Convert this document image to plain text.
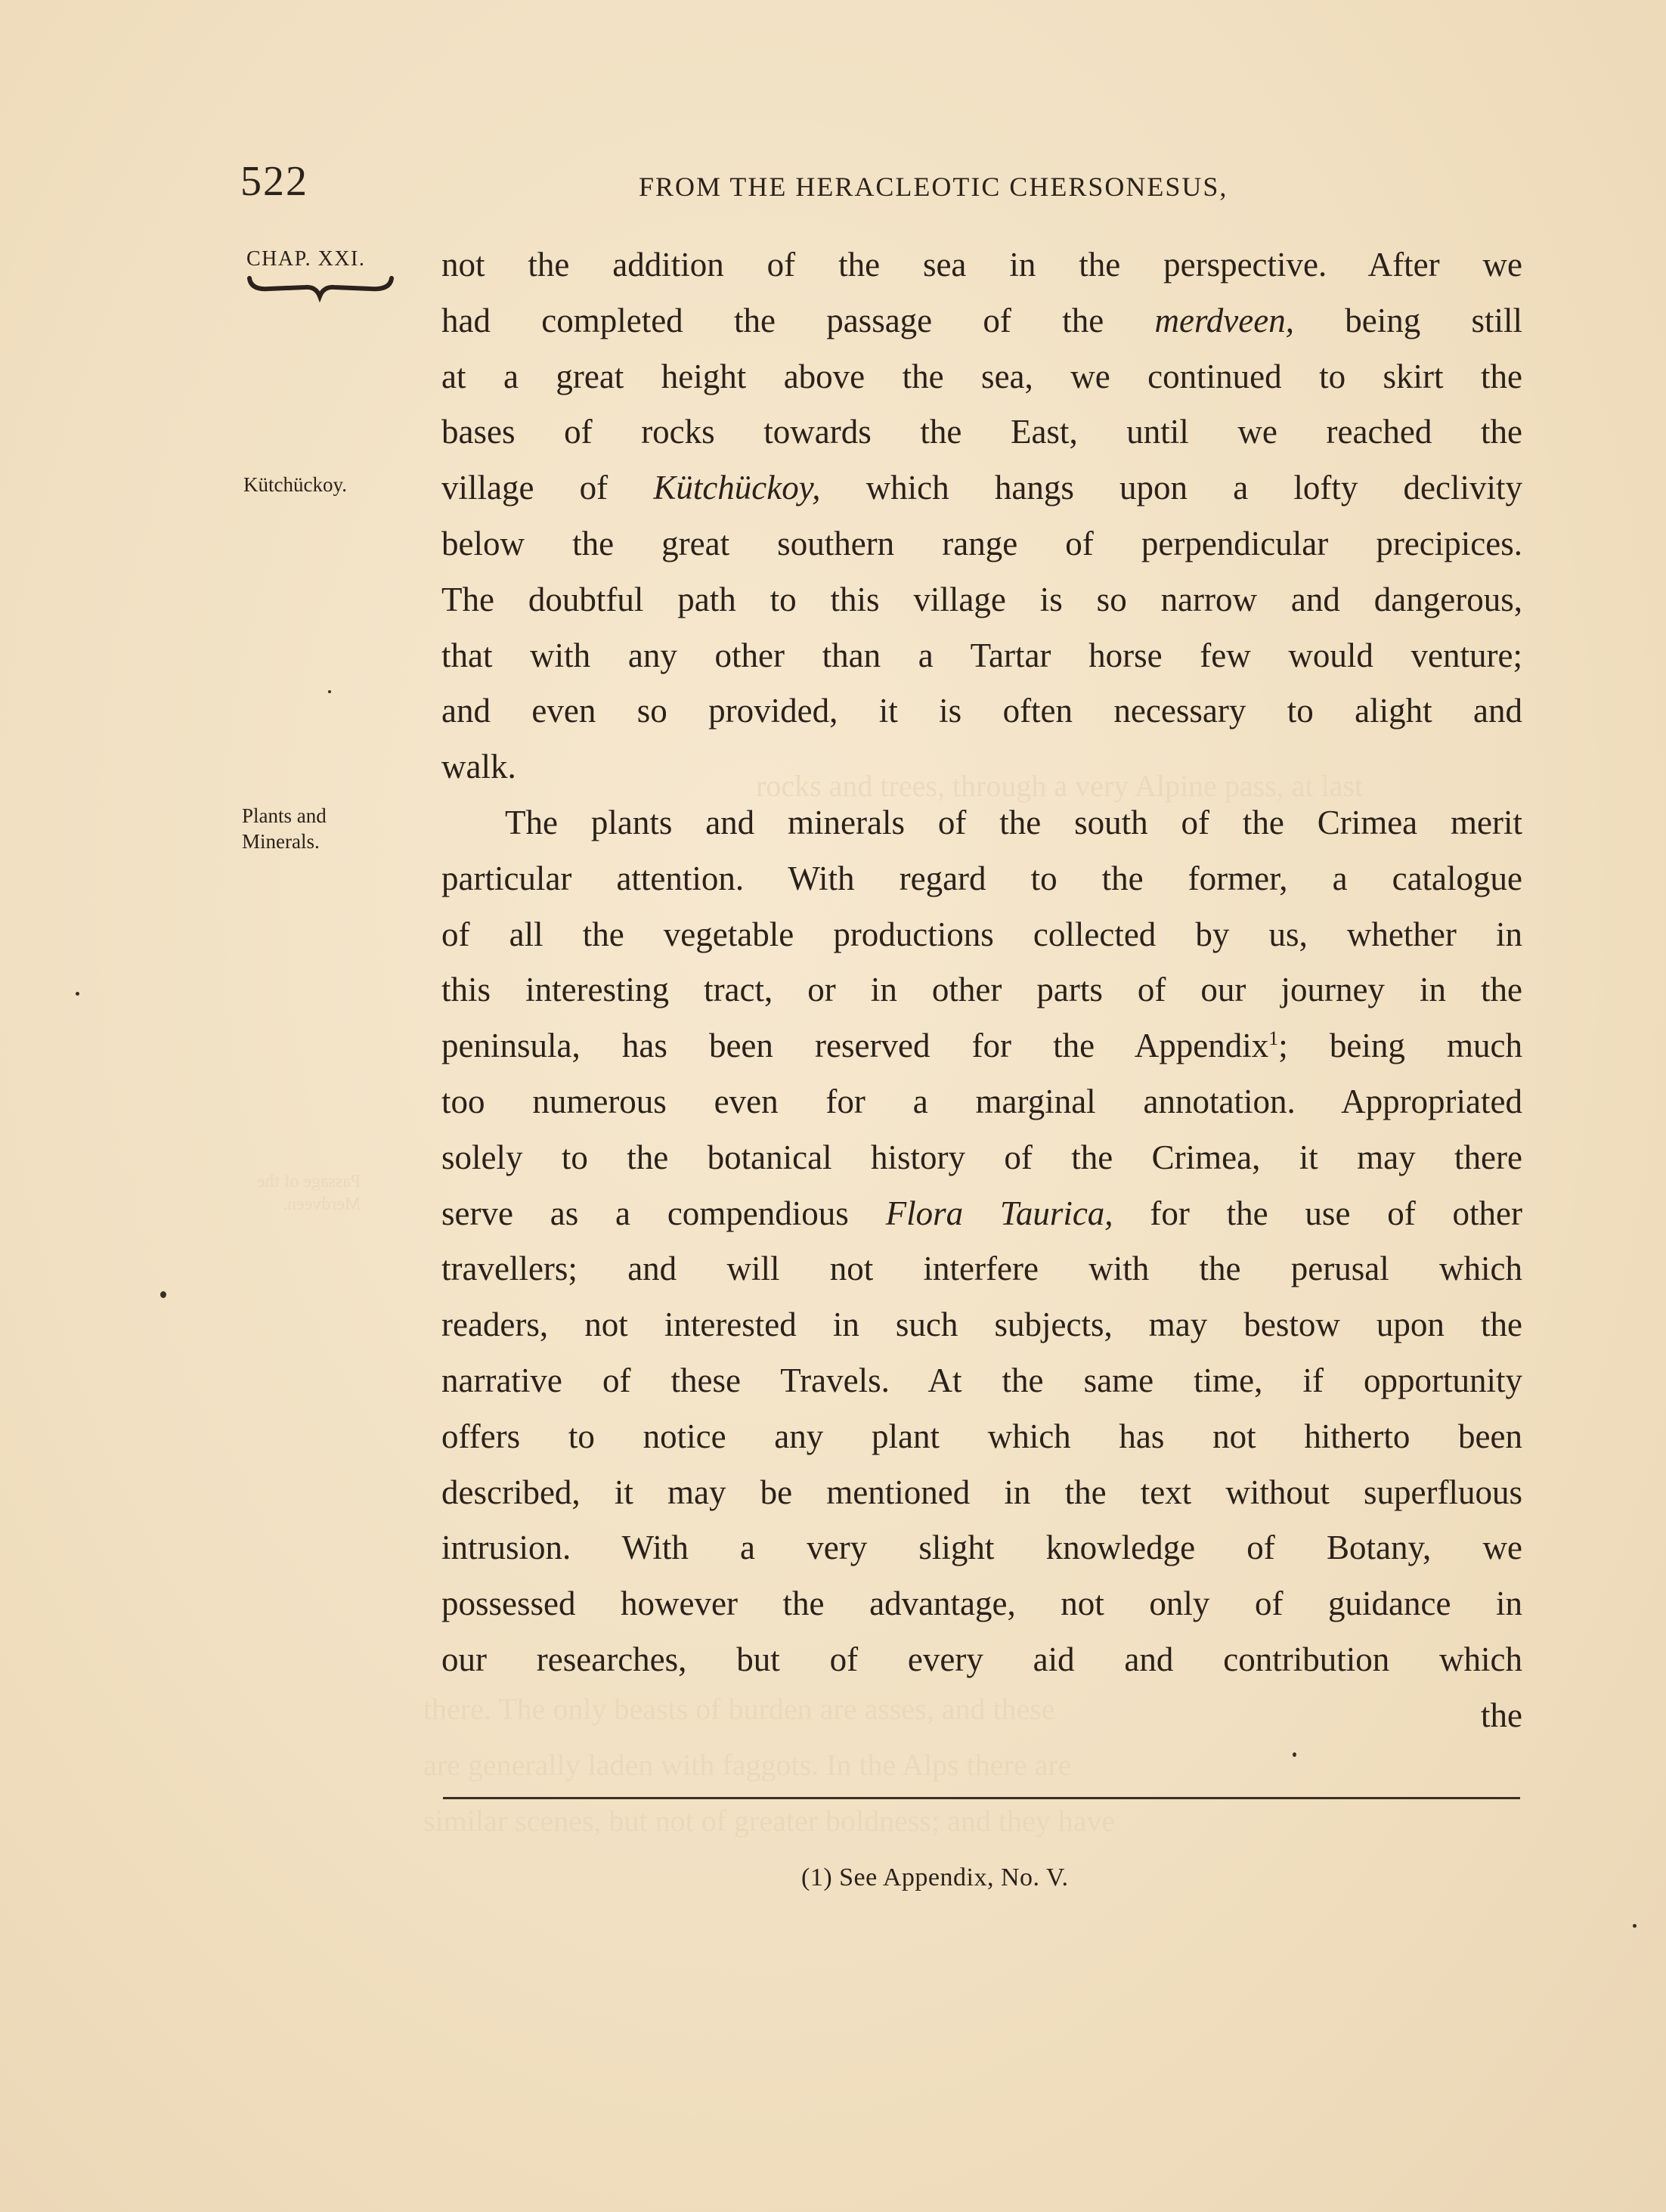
rocks and trees, through a very Alpine pass, at last
there. The only beasts of burden are asses, and these
are generally laden with faggots. In the Alps there are
similar scenes, but not of greater boldness; and they have
Passage of the
Merdveen.
522	FROM THE HERACLEOTIC CHERSONESUS,
CHAP. XXI.
Kütchückoy.
Plants and
Minerals.
not the addition of the sea in the perspective. After we
had completed the passage of the merdveen, being still
at a great height above the sea, we continued to skirt the
bases of rocks towards the East, until we reached the
village of Kütchückoy, which hangs upon a lofty declivity
below the great southern range of perpendicular precipices.
The doubtful path to this village is so narrow and dangerous,
that with any other than a Tartar horse few would venture;
and even so provided, it is often necessary to alight and
walk.
The plants and minerals of the south of the Crimea merit
particular attention. With regard to the former, a catalogue
of all the vegetable productions collected by us, whether in
this interesting tract, or in other parts of our journey in the
peninsula, has been reserved for the Appendix$^1$; being much
too numerous even for a marginal annotation. Appropriated
solely to the botanical history of the Crimea, it may there
serve as a compendious Flora Taurica, for the use of other
travellers; and will not interfere with the perusal which
readers, not interested in such subjects, may bestow upon the
narrative of these Travels. At the same time, if opportunity
offers to notice any plant which has not hitherto been
described, it may be mentioned in the text without superfluous
intrusion. With a very slight knowledge of Botany, we
possessed however the advantage, not only of guidance in
our researches, but of every aid and contribution which
the
(1) See Appendix, No. V.
